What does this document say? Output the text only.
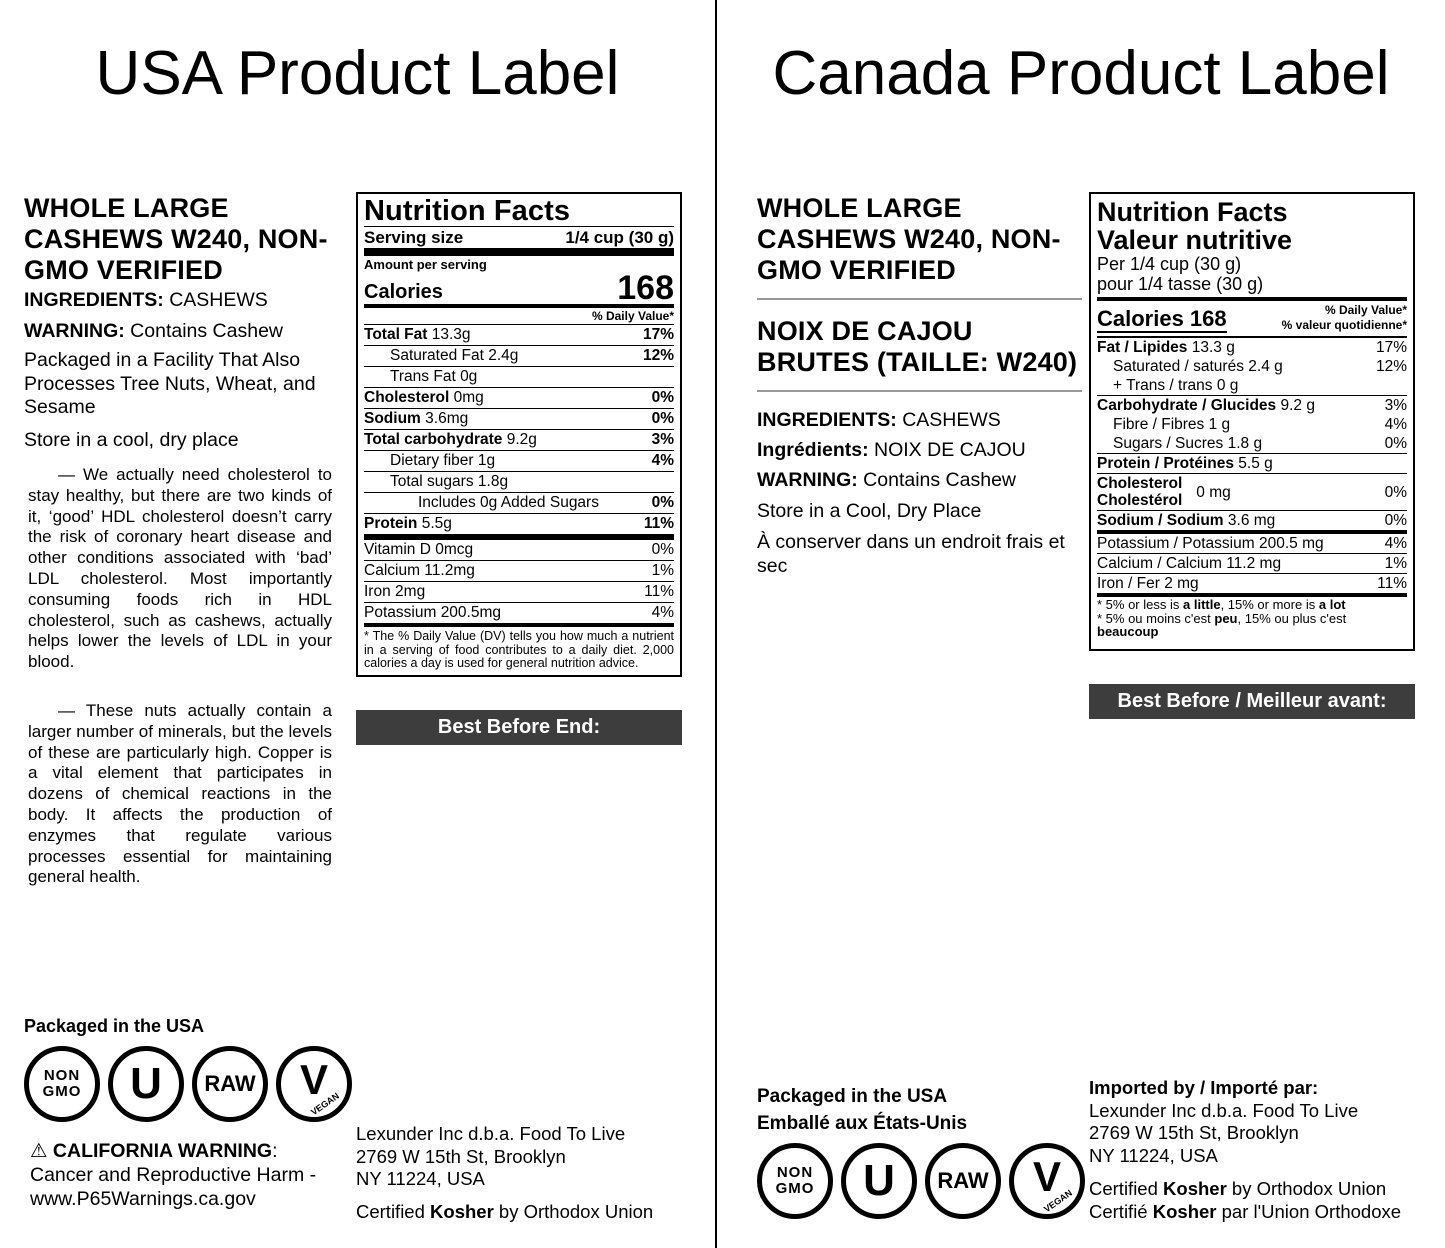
USA Product Label
WHOLE LARGE
CASHEWS W240, NON-
GMO VERIFIED
INGREDIENTS: CASHEWS
WARNING: Contains Cashew
Packaged in a Facility That Also Processes Tree Nuts, Wheat, and Sesame
Store in a cool, dry place
— We actually need cholesterol to stay healthy, but there are two kinds of it, ‘good’ HDL cholesterol doesn’t carry the risk of coronary heart disease and other conditions associated with ‘bad’ LDL cholesterol. Most importantly consuming foods rich in HDL cholesterol, such as cashews, actually helps lower the levels of LDL in your blood.
— These nuts actually contain a larger number of minerals, but the levels of these are particularly high. Copper is a vital element that participates in dozens of chemical reactions in the body. It affects the production of enzymes that regulate various processes essential for maintaining general health.
Nutrition Facts
Serving size	1/4 cup (30 g)
Amount per serving
Calories	168
% Daily Value*
Total Fat 13.3g	17%
Saturated Fat 2.4g	12%
Trans Fat 0g
Cholesterol 0mg	0%
Sodium 3.6mg	0%
Total carbohydrate 9.2g	3%
Dietary fiber 1g	4%
Total sugars 1.8g
Includes 0g Added Sugars	0%
Protein 5.5g	11%
Vitamin D 0mcg	0%
Calcium 11.2mg	1%
Iron 2mg	11%
Potassium 200.5mg	4%
* The % Daily Value (DV) tells you how much a nutrient in a serving of food contributes to a daily diet. 2,000 calories a day is used for general nutrition advice.
Best Before End:
Packaged in the USA
NON
GMO U RAW V
VEGAN
⚠ CALIFORNIA WARNING:
Cancer and Reproductive Harm - www.P65Warnings.ca.gov
Lexunder Inc d.b.a. Food To Live
2769 W 15th St, Brooklyn
NY 11224, USA
Certified Kosher by Orthodox Union
Canada Product Label
WHOLE LARGE
CASHEWS W240, NON-
GMO VERIFIED
NOIX DE CAJOU
BRUTES (TAILLE: W240)
INGREDIENTS: CASHEWS
Ingrédients: NOIX DE CAJOU
WARNING: Contains Cashew
Store in a Cool, Dry Place
À conserver dans un endroit frais et sec
Nutrition Facts
Valeur nutritive
Per 1/4 cup (30 g)
pour 1/4 tasse (30 g)
Calories 168	% Daily Value*
% valeur quotidienne*
Fat / Lipides 13.3 g	17%
Saturated / saturés 2.4 g	12%
+ Trans / trans 0 g
Carbohydrate / Glucides 9.2 g	3%
Fibre / Fibres 1 g	4%
Sugars / Sucres 1.8 g	0%
Protein / Protéines 5.5 g
Cholesterol
Cholestérol 0 mg	0%
Sodium / Sodium 3.6 mg	0%
Potassium / Potassium 200.5 mg	4%
Calcium / Calcium 11.2 mg	1%
Iron / Fer 2 mg	11%
* 5% or less is a little, 15% or more is a lot
* 5% ou moins c'est peu, 15% ou plus c'est beaucoup
Best Before / Meilleur avant:
Packaged in the USA
Emballé aux États-Unis
NON
GMO U RAW V
VEGAN
Imported by / Importé par:
Lexunder Inc d.b.a. Food To Live
2769 W 15th St, Brooklyn
NY 11224, USA
Certified Kosher by Orthodox Union
Certifié Kosher par l'Union Orthodoxe
